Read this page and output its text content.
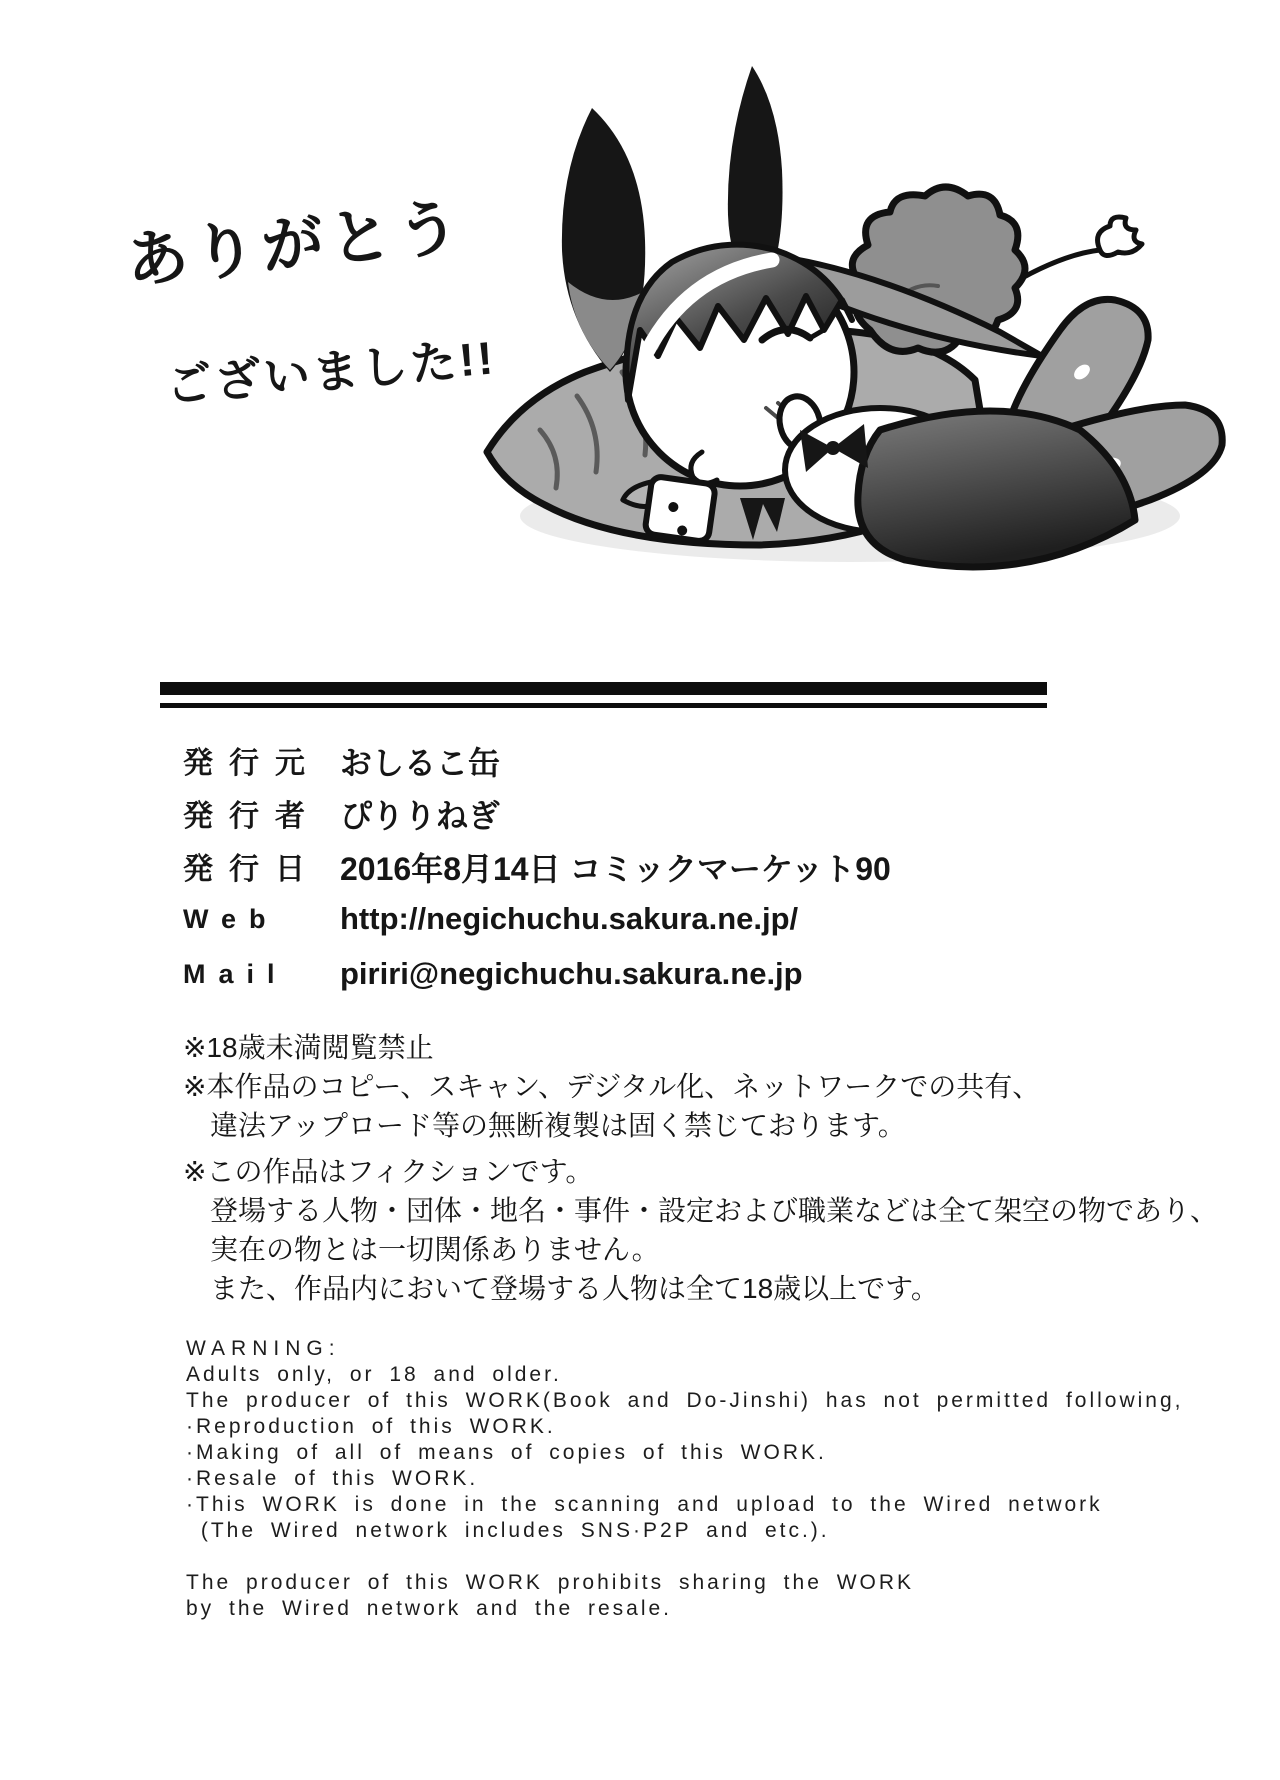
ありがとう
ございました!!
発行元 おしるこ缶
発行者 ぴりりねぎ
発行日 2016年8月14日 コミックマーケット90
Web	http://negichuchu.sakura.ne.jp/
Mail	piriri@negichuchu.sakura.ne.jp
※18歳未満閲覧禁止
※本作品のコピー、スキャン、デジタル化、ネットワークでの共有、
違法アップロード等の無断複製は固く禁じております。
※この作品はフィクションです。
登場する人物・団体・地名・事件・設定および職業などは全て架空の物であり、
実在の物とは一切関係ありません。
また、作品内において登場する人物は全て18歳以上です。
WARNING:
Adults only, or 18 and older.
The producer of this WORK(Book and Do-Jinshi) has not permitted following,
·Reproduction of this WORK.
·Making of all of means of copies of this WORK.
·Resale of this WORK.
·This WORK is done in the scanning and upload to the Wired network
(The Wired network includes SNS·P2P and etc.).
The producer of this WORK prohibits sharing the WORK
by the Wired network and the resale.
